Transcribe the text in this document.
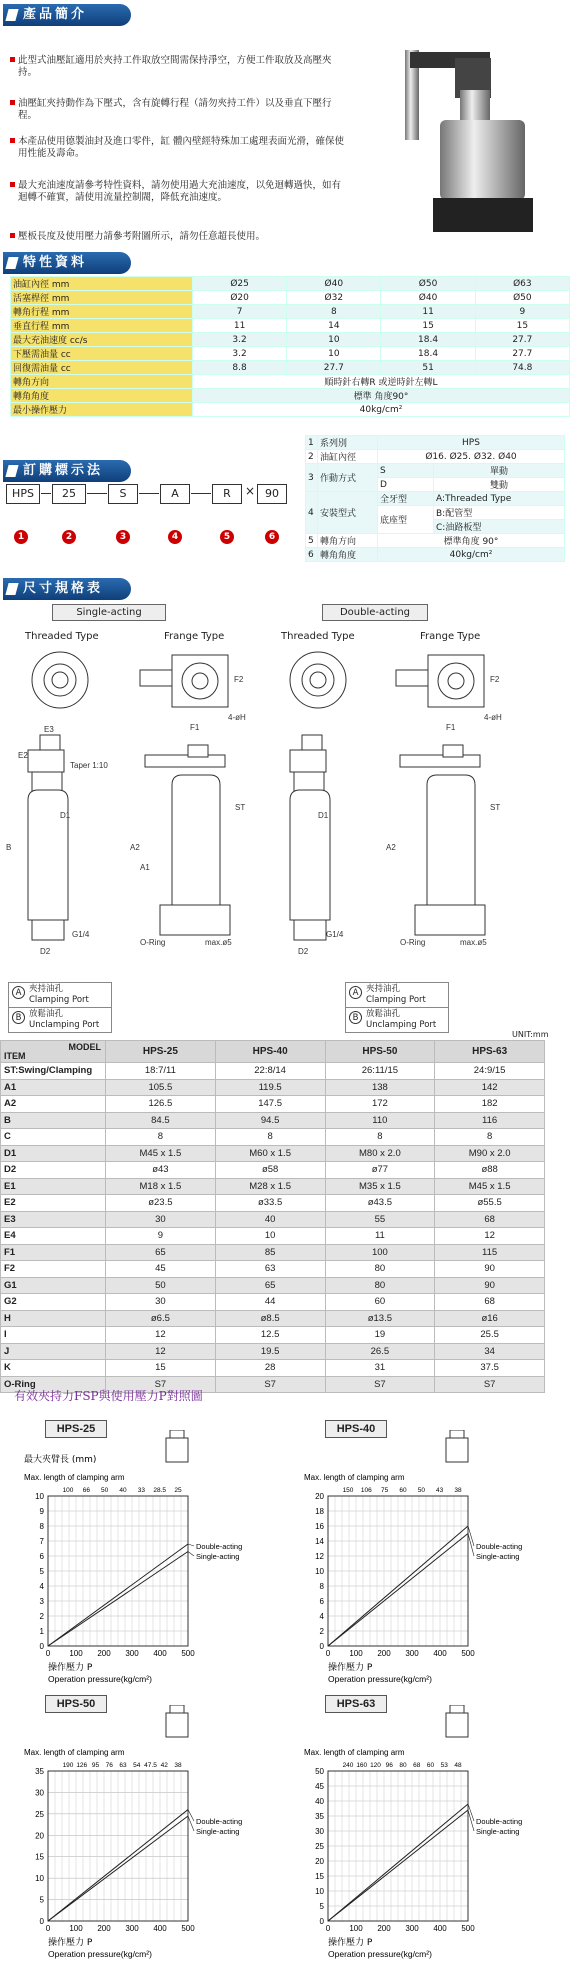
產品簡介
此型式油壓缸適用於夾持工件取放空間需保持淨空，方便工件取放及高壓夾持。
油壓缸夾持動作為下壓式，含有旋轉行程（請勿夾持工件）以及垂直下壓行程。
本產品使用德製油封及進口零件，缸 體內壁經特殊加工處理表面光滑，確保使用性能及壽命。
最大充油速度請參考特性資料，請勿使用過大充油速度，以免迴轉過快，如有迴轉不確實，請使用流量控制閥，降低充油速度。
壓板長度及使用壓力請參考附圖所示，請勿任意超長使用。
特性資料
油缸內徑 mm	Ø25	Ø40	Ø50	Ø63
活塞桿徑 mm	Ø20	Ø32	Ø40	Ø50
轉角行程 mm	7	8	11	9
垂直行程 mm	11	14	15	15
最大充油速度 cc/s	3.2	10	18.4	27.7
下壓需油量 cc	3.2	10	18.4	27.7
回復需油量 cc	8.8	27.7	51	74.8
轉角方向	順時針右轉R 或逆時針左轉L			
轉角角度	標準 角度90°			
最小操作壓力	40kg/cm²			
訂購標示法
HPS	25	S	A	R	× 90
1	2	3	4	5	6
1	系列別	HPS	
2	油缸內徑	Ø16. Ø25. Ø32. Ø40	
3	作動方式	S	單動
		D	雙動
4	安裝型式	全牙型	A:Threaded Type
		底座型	B:配管型
			C:油路板型
5	轉角方向	標準角度 90°	
6	轉角角度	40kg/cm²	
尺寸規格表
Single-acting	Double-acting
Threaded Type	Frange Type	Threaded Type	Frange Type
D1	D1
B	A2
A1
A2
Taper 1:10
E3
E2
F1	F1
F2	F2
4-øH	4-øH
G1/4	G1/4
D2	D2
O-Ring	O-Ring
max.ø5	max.ø5
ST	ST
A 夾持油孔
Clamping Port
B 放鬆油孔
Unclamping Port
A 夾持油孔
Clamping Port
B 放鬆油孔
Unclamping Port
UNIT:mm
MODEL
ITEM	HPS-25	HPS-40	HPS-50	HPS-63
ST:Swing/Clamping	18:7/11	22:8/14	26:11/15	24:9/15
A1	105.5	119.5	138	142
A2	126.5	147.5	172	182
B	84.5	94.5	110	116
C	8	8	8	8
D1	M45 x 1.5	M60 x 1.5	M80 x 2.0	M90 x 2.0
D2	ø43	ø58	ø77	ø88
E1	M18 x 1.5	M28 x 1.5	M35 x 1.5	M45 x 1.5
E2	ø23.5	ø33.5	ø43.5	ø55.5
E3	30	40	55	68
E4	9	10	11	12
F1	65	85	100	115
F2	45	63	80	90
G1	50	65	80	90
G2	30	44	60	68
H	ø6.5	ø8.5	ø13.5	ø16
I	12	12.5	19	25.5
J	12	19.5	26.5	34
K	15	28	31	37.5
O-Ring	S7	S7	S7	S7
有效夾持力FSP與使用壓力P對照圖
HPS-25
0
1
2
3
4
5
6
7
8
9
10
0 100 200 300 400 500
100 66 50 40 33 28.5 25
最大夾臂長 (mm)
Max. length of clamping arm
Double-acting
Single-acting
操作壓力 P
Operation pressure(kg/cm²)
HPS-40
0
2
4
6
8
10
12
14
16
18
20
0 100 200 300 400 500
150 106 75 60 50 43 38
Max. length of clamping arm
Double-acting
Single-acting
操作壓力 P
Operation pressure(kg/cm²)
HPS-50
0
5
10
15
20
25
30
35
0 100 200 300 400 500
190 126 95 76 63 54 47.5 42 38
Max. length of clamping arm
Double-acting
Single-acting
操作壓力 P
Operation pressure(kg/cm²)
HPS-63
0
5
10
15
20
25
30
35
40
45
50
0 100 200 300 400 500
240 160 120 96 80 68 60 53 48
Max. length of clamping arm
Double-acting
Single-acting
操作壓力 P
Operation pressure(kg/cm²)
